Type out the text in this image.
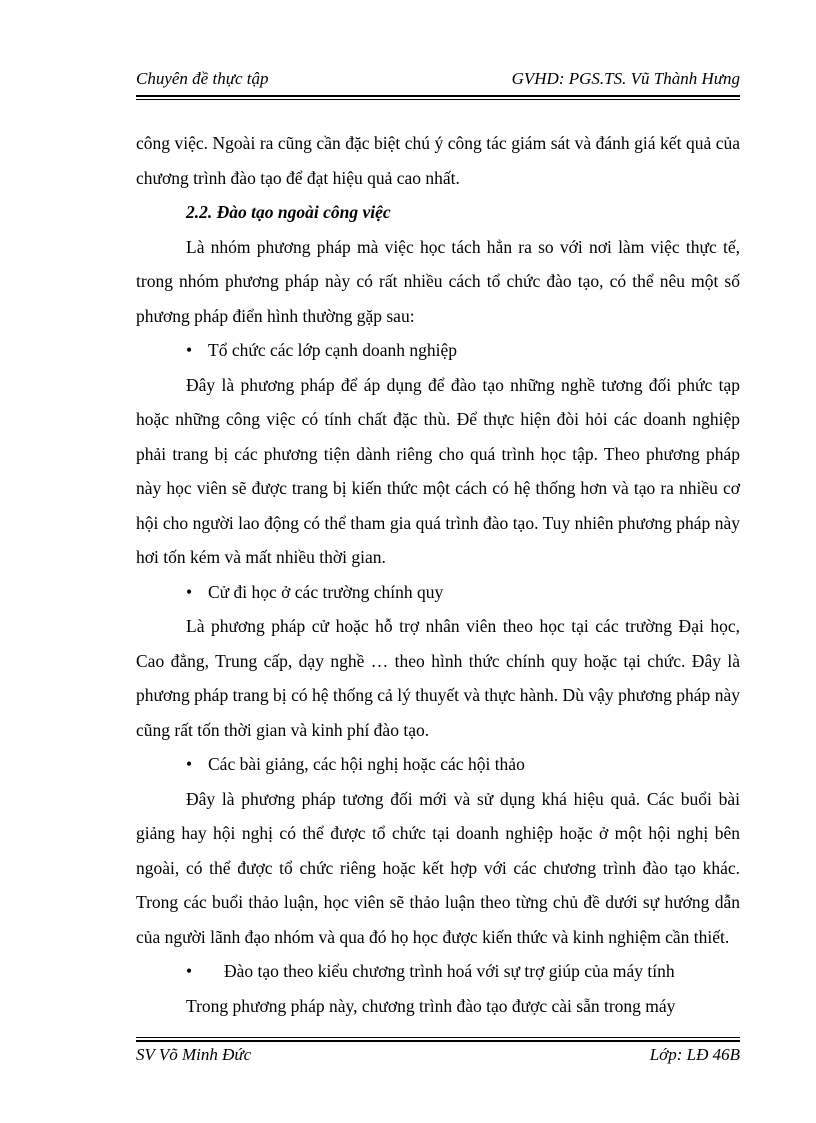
Chuyên đề thực tập	GVHD: PGS.TS. Vũ Thành Hưng

công việc. Ngoài ra cũng cần đặc biệt chú ý công tác giám sát và đánh giá kết quả của chương trình đào tạo để đạt hiệu quả cao nhất.

2.2. Đào tạo ngoài công việc

Là nhóm phương pháp mà việc học tách hẳn ra so với nơi làm việc thực tế, trong nhóm phương pháp này có rất nhiều cách tổ chức đào tạo, có thể nêu một số phương pháp điển hình thường gặp sau:

• Tổ chức các lớp cạnh doanh nghiệp

Đây là phương pháp để áp dụng để đào tạo những nghề tương đối phức tạp hoặc những công việc có tính chất đặc thù. Để thực hiện đòi hỏi các doanh nghiệp phải trang bị các phương tiện dành riêng cho quá trình học tập. Theo phương pháp này học viên sẽ được trang bị kiến thức một cách có hệ thống hơn và tạo ra nhiều cơ hội cho người lao động có thể tham gia quá trình đào tạo. Tuy nhiên phương pháp này hơi tốn kém và mất nhiều thời gian.

• Cử đi học ở các trường chính quy

Là phương pháp cử hoặc hỗ trợ nhân viên theo học tại các trường Đại học, Cao đẳng, Trung cấp, dạy nghề … theo hình thức chính quy hoặc tại chức. Đây là phương pháp trang bị có hệ thống cả lý thuyết và thực hành. Dù vậy phương pháp này cũng rất tốn thời gian và kinh phí đào tạo.

• Các bài giảng, các hội nghị hoặc các hội thảo

Đây là phương pháp tương đối mới và sử dụng khá hiệu quả. Các buổi bài giảng hay hội nghị có thể được tổ chức tại doanh nghiệp hoặc ở một hội nghị bên ngoài, có thể được tổ chức riêng hoặc kết hợp với các chương trình đào tạo khác. Trong các buổi thảo luận, học viên sẽ thảo luận theo từng chủ đề dưới sự hướng dẫn của người lãnh đạo nhóm và qua đó họ học được kiến thức và kinh nghiệm cần thiết.

• Đào tạo theo kiểu chương trình hoá với sự trợ giúp của máy tính

Trong phương pháp này, chương trình đào tạo được cài sẵn trong máy

SV Võ Minh Đức	Lớp: LĐ 46B
